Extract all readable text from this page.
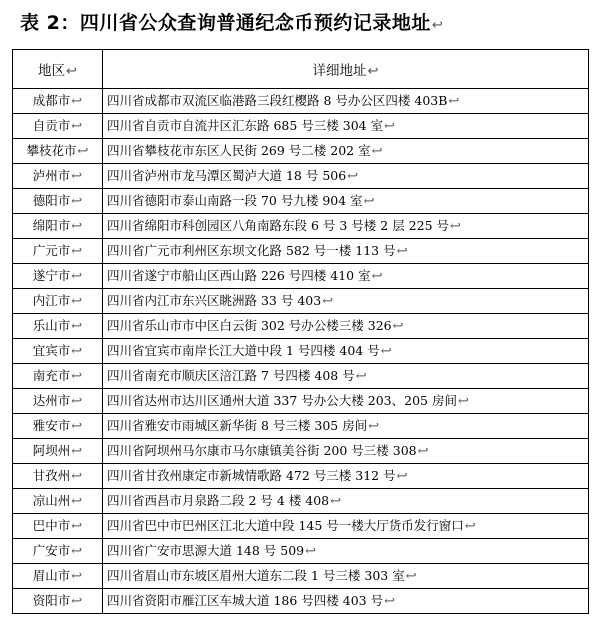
表 2：四川省公众查询普通纪念币预约记录地址↩
地区↩	详细地址↩
成都市↩	四川省成都市双流区临港路三段红樱路 8 号办公区四楼 403B↩
自贡市↩	四川省自贡市自流井区汇东路 685 号三楼 304 室↩
攀枝花市↩	四川省攀枝花市东区人民街 269 号二楼 202 室↩
泸州市↩	四川省泸州市龙马潭区蜀泸大道 18 号 506↩
德阳市↩	四川省德阳市泰山南路一段 70 号九楼 904 室↩
绵阳市↩	四川省绵阳市科创园区八角南路东段 6 号 3 号楼 2 层 225 号↩
广元市↩	四川省广元市利州区东坝文化路 582 号一楼 113 号↩
遂宁市↩	四川省遂宁市船山区西山路 226 号四楼 410 室↩
内江市↩	四川省内江市东兴区眺洲路 33 号 403↩
乐山市↩	四川省乐山市市中区白云街 302 号办公楼三楼 326↩
宜宾市↩	四川省宜宾市南岸长江大道中段 1 号四楼 404 号↩
南充市↩	四川省南充市顺庆区涪江路 7 号四楼 408 号↩
达州市↩	四川省达州市达川区通州大道 337 号办公大楼 203、205 房间↩
雅安市↩	四川省雅安市雨城区新华街 8 号三楼 305 房间↩
阿坝州↩	四川省阿坝州马尔康市马尔康镇美谷街 200 号三楼 308↩
甘孜州↩	四川省甘孜州康定市新城情歌路 472 号三楼 312 号↩
凉山州↩	四川省西昌市月泉路二段 2 号 4 楼 408↩
巴中市↩	四川省巴中市巴州区江北大道中段 145 号一楼大厅货币发行窗口↩
广安市↩	四川省广安市思源大道 148 号 509↩
眉山市↩	四川省眉山市东坡区眉州大道东二段 1 号三楼 303 室↩
资阳市↩	四川省资阳市雁江区车城大道 186 号四楼 403 号↩
